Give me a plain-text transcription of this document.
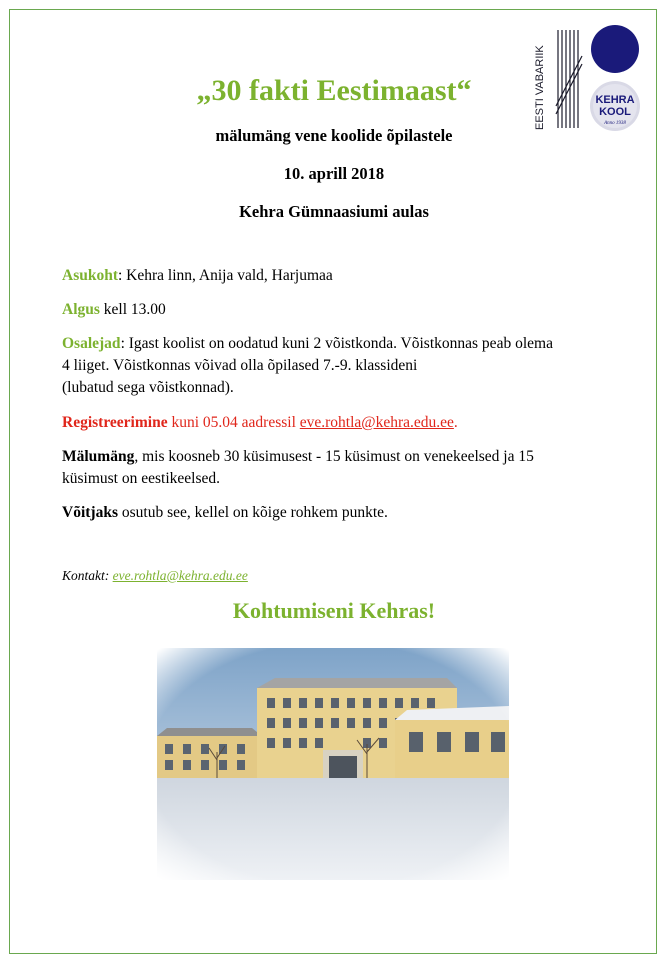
EESTI VABARIIK	KEHRA
KOOL
Anno 1938
„30 fakti Eestimaast“
mälumäng vene koolide õpilastele
10. aprill 2018
Kehra Gümnaasiumi aulas
Asukoht: Kehra linn, Anija vald, Harjumaa
Algus kell 13.00
Osalejad: Igast koolist on oodatud kuni 2 võistkonda. Võistkonnas peab olema
4 liiget. Võistkonnas võivad olla õpilased 7.-9. klassideni
(lubatud sega võistkonnad).
Registreerimine kuni 05.04 aadressil eve.rohtla@kehra.edu.ee.
Mälumäng, mis koosneb 30 küsimusest - 15 küsimust on venekeelsed ja 15
küsimust on eestikeelsed.
Võitjaks osutub see, kellel on kõige rohkem punkte.
Kontakt: eve.rohtla@kehra.edu.ee
Kohtumiseni Kehras!
